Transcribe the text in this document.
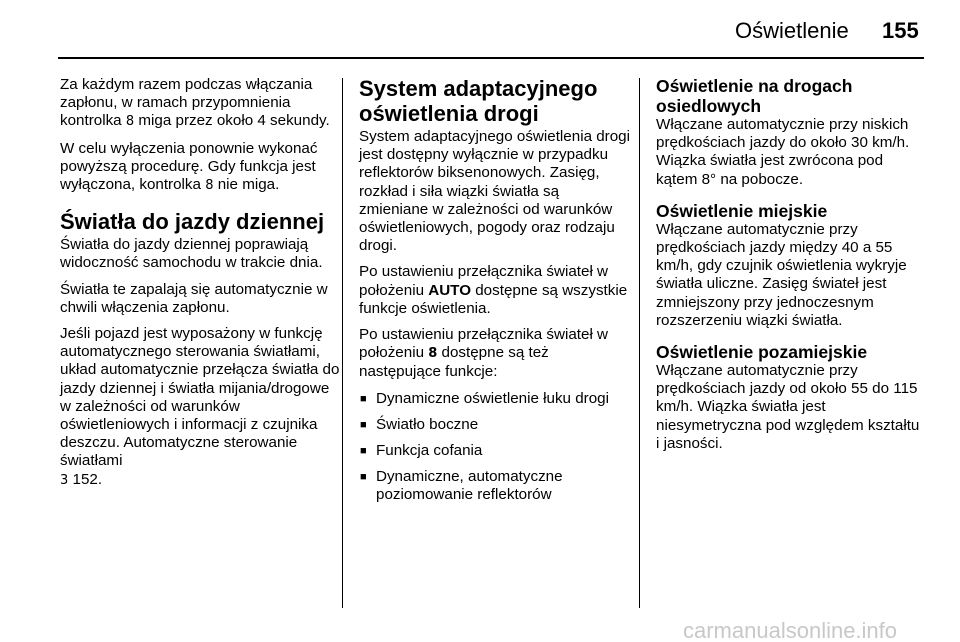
Oświetlenie 155

Za każdym razem podczas włączania zapłonu, w ramach przypomnienia kontrolka 8 miga przez około 4 sekundy.

W celu wyłączenia ponownie wykonać powyższą procedurę. Gdy funkcja jest wyłączona, kontrolka 8 nie miga.

Światła do jazdy dziennej

Światła do jazdy dziennej poprawiają widoczność samochodu w trakcie dnia.

Światła te zapalają się automatycznie w chwili włączenia zapłonu.

Jeśli pojazd jest wyposażony w funkcję automatycznego sterowania światłami, układ automatycznie przełącza światła do jazdy dziennej i światła mijania/drogowe w zależności od warunków oświetleniowych i informacji z czujnika deszczu. Automatyczne sterowanie światłami
3 152.

System adaptacyjnego oświetlenia drogi

System adaptacyjnego oświetlenia drogi jest dostępny wyłącznie w przypadku reflektorów biksenonowych. Zasięg, rozkład i siła wiązki światła są zmieniane w zależności od warunków oświetleniowych, pogody oraz rodzaju drogi.

Po ustawieniu przełącznika świateł w położeniu AUTO dostępne są wszystkie funkcje oświetlenia.

Po ustawieniu przełącznika świateł w położeniu 8 dostępne są też następujące funkcje:

■ Dynamiczne oświetlenie łuku drogi
■ Światło boczne
■ Funkcja cofania
■ Dynamiczne, automatyczne poziomowanie reflektorów
Oświetlenie na drogach osiedlowych

Włączane automatycznie przy niskich prędkościach jazdy do około 30 km/h. Wiązka światła jest zwrócona pod kątem 8° na pobocze.

Oświetlenie miejskie

Włączane automatycznie przy prędkościach jazdy między 40 a 55 km/h, gdy czujnik oświetlenia wykryje światła uliczne. Zasięg świateł jest zmniejszony przy jednoczesnym rozszerzeniu wiązki światła.

Oświetlenie pozamiejskie

Włączane automatycznie przy prędkościach jazdy od około 55 do 115 km/h. Wiązka światła jest niesymetryczna pod względem kształtu i jasności.

carmanualsonline.info
